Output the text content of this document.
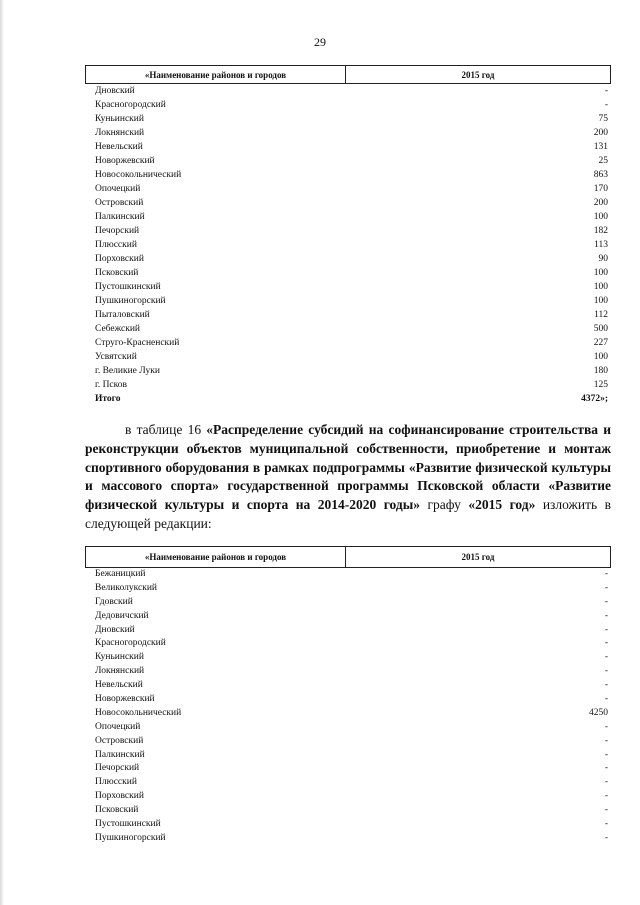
29
«Наименование районов и городов	2015 год
Дновский	-
Красногородский	-
Куньинский	75
Локнянский	200
Невельский	131
Новоржевский	25
Новосокольнический	863
Опочецкий	170
Островский	200
Палкинский	100
Печорский	182
Плюсский	113
Порховский	90
Псковский	100
Пустошкинский	100
Пушкиногорский	100
Пыталовский	112
Себежский	500
Струго-Красненский	227
Усвятский	100
г. Великие Луки	180
г. Псков	125
Итого	4372»;
в таблице 16 «Распределение субсидий на софинансирование строительства и реконструкции объектов муниципальной собственности, приобретение и монтаж спортивного оборудования в рамках подпрограммы «Развитие физической культуры и массового спорта» государственной программы Псковской области «Развитие физической культуры и спорта на 2014-2020 годы» графу «2015 год» изложить в следующей редакции:
«Наименование районов и городов	2015 год
Бежаницкий	-
Великолукский	-
Гдовский	-
Дедовичский	-
Дновский	-
Красногородский	-
Куньинский	-
Локнянский	-
Невельский	-
Новоржевский	-
Новосокольнический	4250
Опочецкий	-
Островский	-
Палкинский	-
Печорский	-
Плюсский	-
Порховский	-
Псковский	-
Пустошкинский	-
Пушкиногорский	-
